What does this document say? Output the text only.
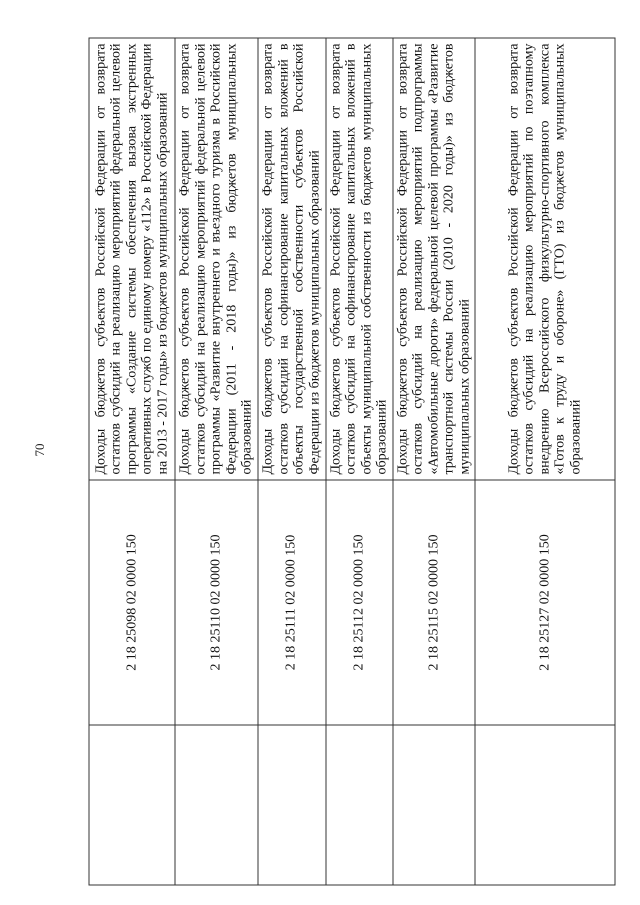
70
	2 18 25098 02 0000 150	Доходы бюджетов субъектов Российской Федерации от возврата остатков субсидий на реализацию мероприятий федеральной целевой программы «Создание системы обеспечения вызова экстренных оперативных служб по единому номеру «112» в Российской Федерации на 2013 - 2017 годы» из бюджетов муниципальных образований
	2 18 25110 02 0000 150	Доходы бюджетов субъектов Российской Федерации от возврата остатков субсидий на реализацию мероприятий федеральной целевой программы «Развитие внутреннего и въездного туризма в Российской Федерации (2011 - 2018 годы)» из бюджетов муниципальных образований
	2 18 25111 02 0000 150	Доходы бюджетов субъектов Российской Федерации от возврата остатков субсидий на софинансирование капитальных вложений в объекты государственной собственности субъектов Российской Федерации из бюджетов муниципальных образований
	2 18 25112 02 0000 150	Доходы бюджетов субъектов Российской Федерации от возврата остатков субсидий на софинансирование капитальных вложений в объекты муниципальной собственности из бюджетов муниципальных образований
	2 18 25115 02 0000 150	Доходы бюджетов субъектов Российской Федерации от возврата остатков субсидий на реализацию мероприятий подпрограммы «Автомобильные дороги» федеральной целевой программы «Развитие транспортной системы России (2010 - 2020 годы)» из бюджетов муниципальных образований
	2 18 25127 02 0000 150	Доходы бюджетов субъектов Российской Федерации от возврата остатков субсидий на реализацию мероприятий по поэтапному внедрению Всероссийского физкультурно-спортивного комплекса «Готов к труду и обороне» (ГТО) из бюджетов муниципальных образований
